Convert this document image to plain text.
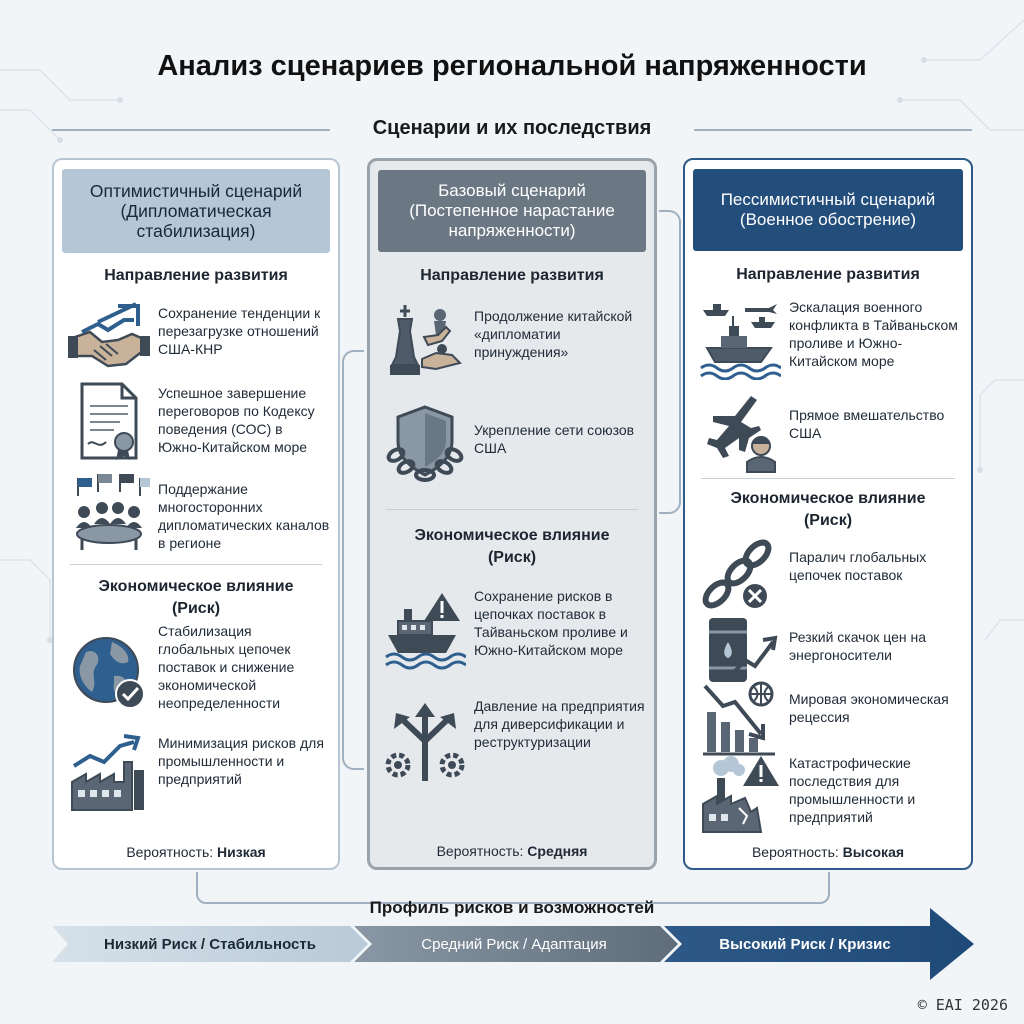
Анализ сценариев региональной напряженности
Сценарии и их последствия
Оптимистичный сценарий (Дипломатическая стабилизация)
Направление развития
Сохранение тенденции к перезагрузке отношений США-КНР
Успешное завершение переговоров по Кодексу поведения (СОС) в Южно-Китайском море
Поддержание многосторонних дипломатических каналов в регионе
Экономическое влияние (Риск)
Стабилизация глобальных цепочек поставок и снижение экономической неопределенности
Минимизация рисков для промышленности и предприятий
Вероятность: Низкая
Базовый сценарий (Постепенное нарастание напряженности)
Направление развития
Продолжение китайской «дипломатии принуждения»
Укрепление сети союзов США
Экономическое влияние (Риск)
Сохранение рисков в цепочках поставок в Тайваньском проливе и Южно-Китайском море
Давление на предприятия для диверсификации и реструктуризации
Вероятность: Средняя
Пессимистичный сценарий (Военное обострение)
Направление развития
Эскалация военного конфликта в Тайваньском проливе и Южно-Китайском море
Прямое вмешательство США
Экономическое влияние (Риск)
Паралич глобальных цепочек поставок
Резкий скачок цен на энергоносители
Мировая экономическая рецессия
Катастрофические последствия для промышленности и предприятий
Вероятность: Высокая
Профиль рисков и возможностей
Низкий Риск / Стабильность	Средний Риск / Адаптация	Высокий Риск / Кризис
© EAI 2026
